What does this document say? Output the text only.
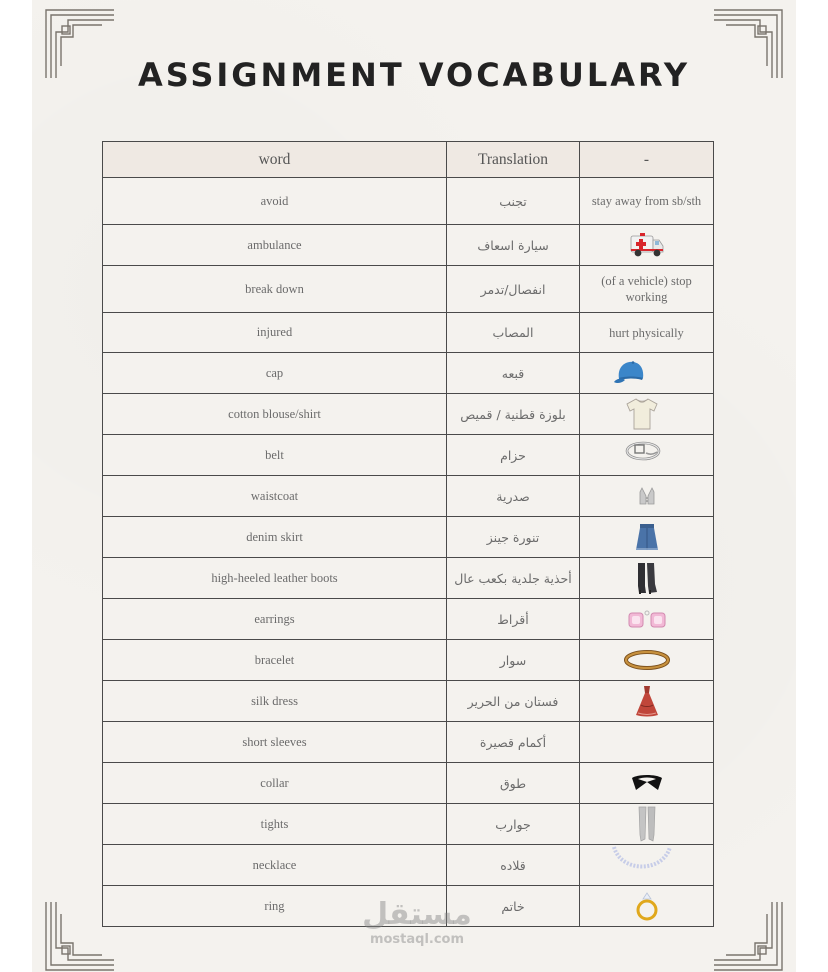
ASSIGNMENT VOCABULARY
word	Translation	-
avoid	تجنب	stay away from sb/sth
ambulance	سيارة اسعاف	
break down	انفصال/تدمر	(of a vehicle) stop working
injured	المصاب	hurt physically
cap	قبعه	
cotton blouse/shirt	بلوزة قطنية / قميص	
belt	حزام	
waistcoat	صدرية	
denim skirt	تنورة جينز	
high-heeled leather boots	أحذية جلدية بكعب عال	
earrings	أقراط	
bracelet	سوار	
silk dress	فستان من الحرير	
short sleeves	أكمام قصيرة	
collar	طوق	
tights	جوارب	
necklace	قلاده	
ring	خاتم	
مستقل
mostaql.com
